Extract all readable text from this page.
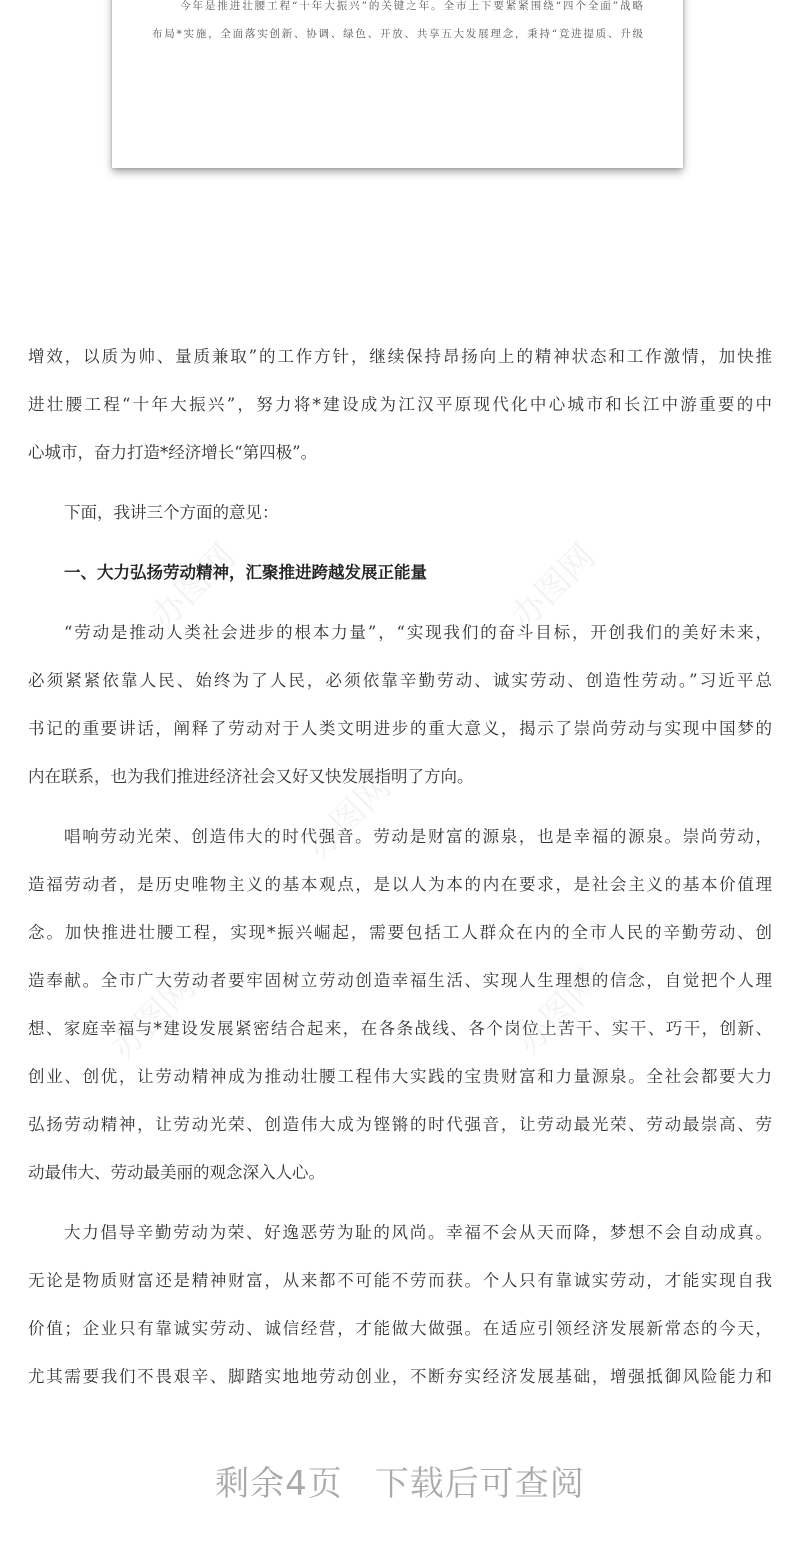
今年是推进壮腰工程“十年大振兴”的关键之年。全市上下要紧紧围绕“四个全面”战略
布局*实施，全面落实创新、协调、绿色、开放、共享五大发展理念，秉持“竞进提质、升级
办图网	办图网
办图网
办图网	办图网
增效，以质为帅、量质兼取”的工作方针，继续保持昂扬向上的精神状态和工作激情，加快推
进壮腰工程“十年大振兴”，努力将*建设成为江汉平原现代化中心城市和长江中游重要的中
心城市，奋力打造*经济增长“第四极”。
下面，我讲三个方面的意见：
一、大力弘扬劳动精神，汇聚推进跨越发展正能量
“劳动是推动人类社会进步的根本力量”，“实现我们的奋斗目标，开创我们的美好未来，
必须紧紧依靠人民、始终为了人民，必须依靠辛勤劳动、诚实劳动、创造性劳动。”习近平总
书记的重要讲话，阐释了劳动对于人类文明进步的重大意义，揭示了崇尚劳动与实现中国梦的
内在联系，也为我们推进经济社会又好又快发展指明了方向。
唱响劳动光荣、创造伟大的时代强音。劳动是财富的源泉，也是幸福的源泉。崇尚劳动，
造福劳动者，是历史唯物主义的基本观点，是以人为本的内在要求，是社会主义的基本价值理
念。加快推进壮腰工程，实现*振兴崛起，需要包括工人群众在内的全市人民的辛勤劳动、创
造奉献。全市广大劳动者要牢固树立劳动创造幸福生活、实现人生理想的信念，自觉把个人理
想、家庭幸福与*建设发展紧密结合起来，在各条战线、各个岗位上苦干、实干、巧干，创新、
创业、创优，让劳动精神成为推动壮腰工程伟大实践的宝贵财富和力量源泉。全社会都要大力
弘扬劳动精神，让劳动光荣、创造伟大成为铿锵的时代强音，让劳动最光荣、劳动最崇高、劳
动最伟大、劳动最美丽的观念深入人心。
大力倡导辛勤劳动为荣、好逸恶劳为耻的风尚。幸福不会从天而降，梦想不会自动成真。
无论是物质财富还是精神财富，从来都不可能不劳而获。个人只有靠诚实劳动，才能实现自我
价值；企业只有靠诚实劳动、诚信经营，才能做大做强。在适应引领经济发展新常态的今天，
尤其需要我们不畏艰辛、脚踏实地地劳动创业，不断夯实经济发展基础，增强抵御风险能力和
剩余4页 下载后可查阅
